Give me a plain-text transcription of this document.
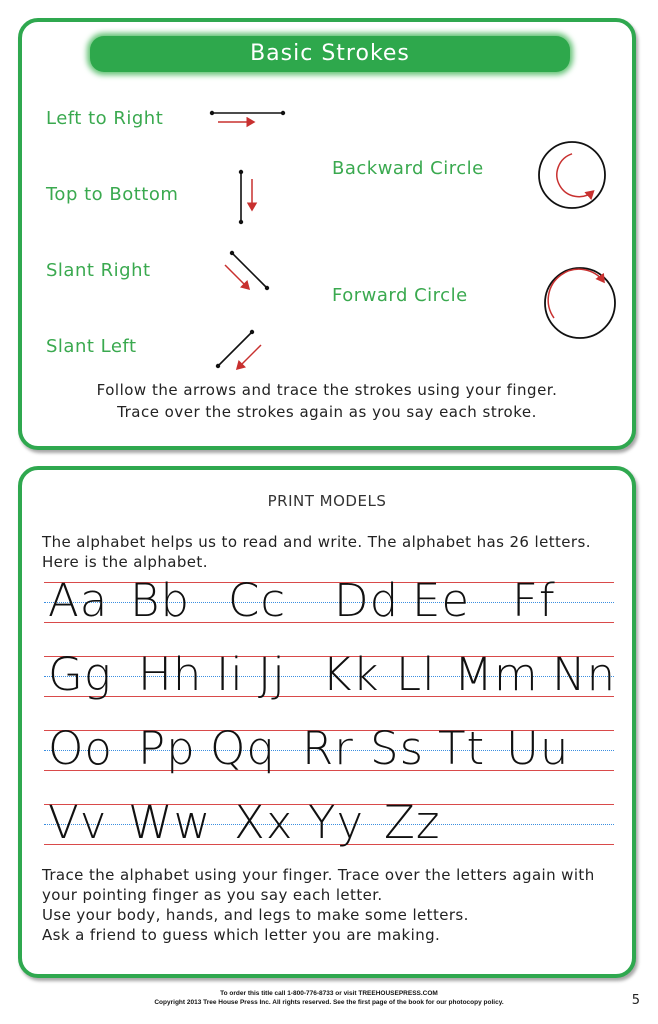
Basic Strokes
Left to Right
Top to Bottom
Slant Right
Slant Left
Backward Circle
Forward Circle
Follow the arrows and trace the strokes using your finger.
Trace over the strokes again as you say each stroke.
PRINT MODELS
The alphabet helps us to read and write. The alphabet has 26 letters.
Here is the alphabet.
Aa Bb Cc Dd Ee Ff
Gg Hh Ii Jj Kk Ll Mm Nn
Oo Pp Qq Rr Ss Tt Uu
Vv Ww Xx Yy Zz
Trace the alphabet using your finger. Trace over the letters again with
your pointing finger as you say each letter.
Use your body, hands, and legs to make some letters.
Ask a friend to guess which letter you are making.
To order this title call 1-800-776-8733 or visit TREEHOUSEPRESS.COM
Copyright 2013 Tree House Press Inc. All rights reserved. See the first page of the book for our photocopy policy.	5
